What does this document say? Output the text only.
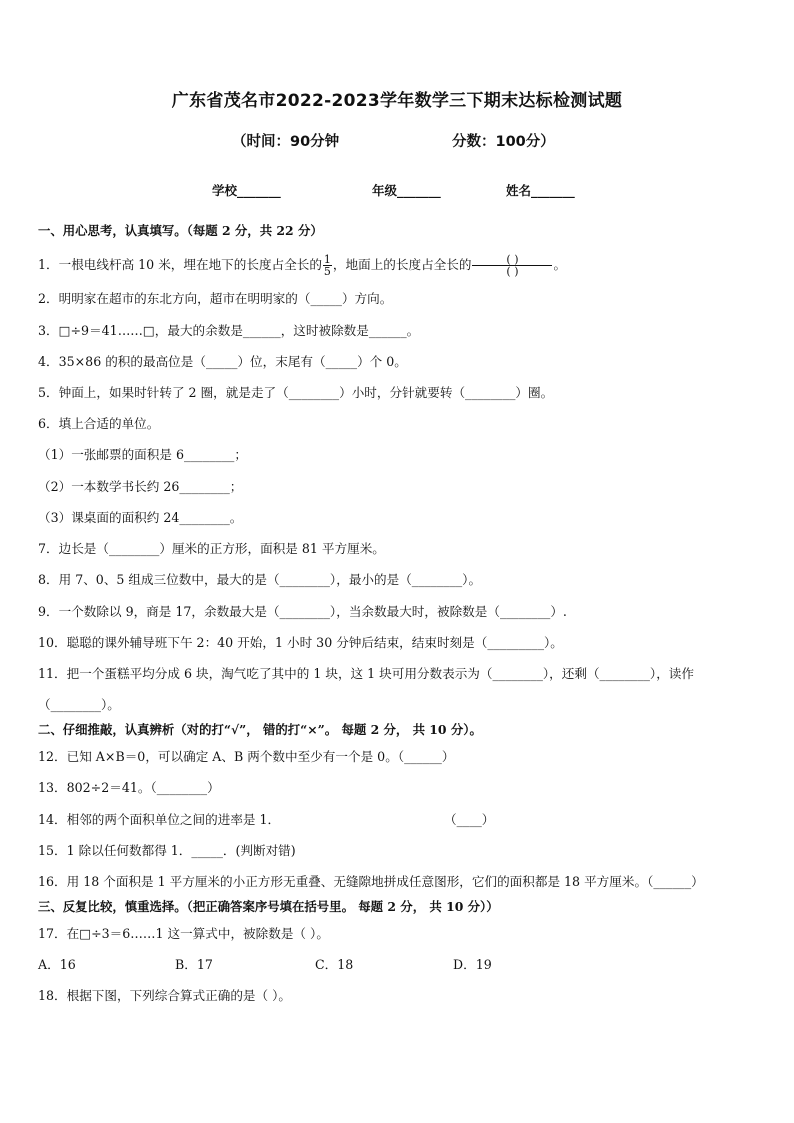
广东省茂名市2022-2023学年数学三下期末达标检测试题
（时间：90分钟	分数：100分）
学校_______	年级_______	姓名_______
一、用心思考，认真填写。（每题 2 分，共 22 分）
1．一根电线杆高 10 米，埋在地下的长度占全长的 $\frac{1}{5}$ ，地面上的长度占全长的 $\frac{( )}{( )}$ 。
2．明明家在超市的东北方向，超市在明明家的（_____）方向。
3．□÷9＝41……□，最大的余数是______，这时被除数是______。
4．35×86 的积的最高位是（_____）位，末尾有（_____）个 0。
5．钟面上，如果时针转了 2 圈，就是走了（________）小时，分针就要转（________）圈。
6．填上合适的单位。
（1）一张邮票的面积是 6________；
（2）一本数学书长约 26________；
（3）课桌面的面积约 24________。
7．边长是（________）厘米的正方形，面积是 81 平方厘米。
8．用 7、0、5 组成三位数中，最大的是（________），最小的是（________）。
9．一个数除以 9，商是 17，余数最大是（________），当余数最大时，被除数是（________）.
10．聪聪的课外辅导班下午 2：40 开始，1 小时 30 分钟后结束，结束时刻是（_________）。
11．把一个蛋糕平均分成 6 块，淘气吃了其中的 1 块，这 1 块可用分数表示为（________），还剩（________），读作
（________）。
二、仔细推敲，认真辨析（对的打“√”， 错的打“×”。 每题 2 分， 共 10 分）。
12．已知 A×B＝0，可以确定 A、B 两个数中至少有一个是 0。（______）
13．802÷2＝41。（________）
14．相邻的两个面积单位之间的进率是 1．	（____）
15．1 除以任何数都得 1．_____．(判断对错)
16．用 18 个面积是 1 平方厘米的小正方形无重叠、无缝隙地拼成任意图形，它们的面积都是 18 平方厘米。（______）
三、反复比较，慎重选择。（把正确答案序号填在括号里。 每题 2 分， 共 10 分））
17．在□÷3＝6……1 这一算式中，被除数是（ ）。
A．16	B．17	C．18	D．19
18．根据下图，下列综合算式正确的是（ ）。
